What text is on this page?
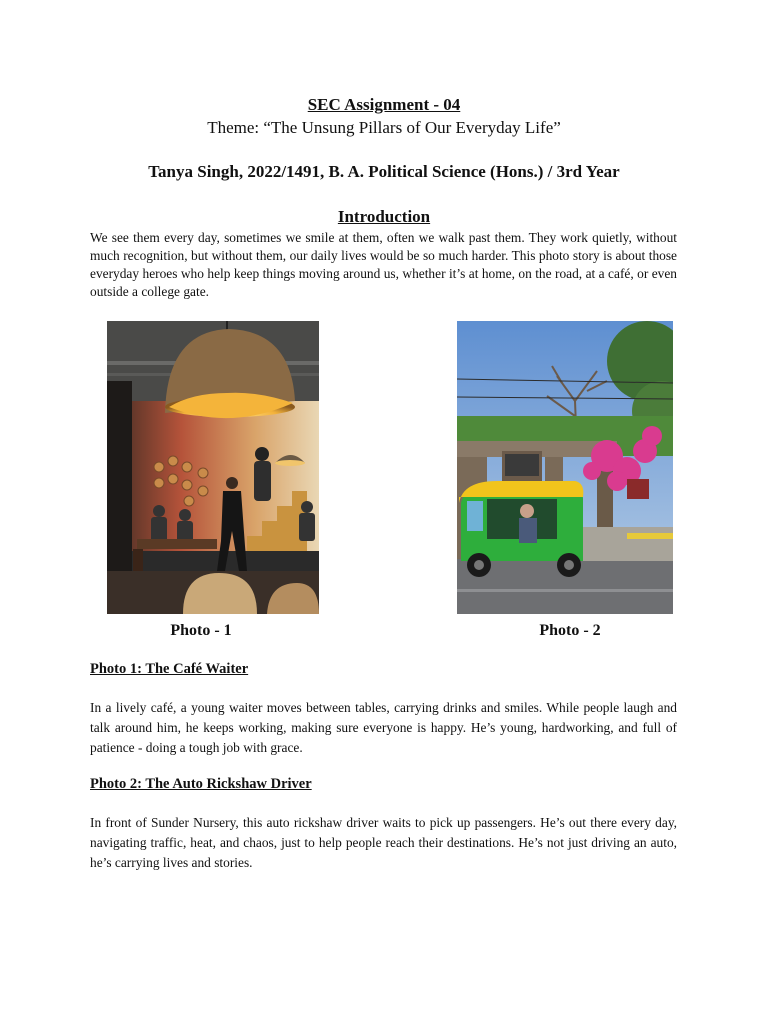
SEC Assignment - 04
Theme: “The Unsung Pillars of Our Everyday Life”
Tanya Singh, 2022/1491, B. A. Political Science (Hons.) / 3rd Year
Introduction
We see them every day, sometimes we smile at them, often we walk past them. They work quietly, without much recognition, but without them, our daily lives would be so much harder. This photo story is about those everyday heroes who help keep things moving around us, whether it’s at home, on the road, at a café, or even outside a college gate.
Photo - 1	Photo - 2
Photo 1: The Café Waiter
In a lively café, a young waiter moves between tables, carrying drinks and smiles. While people laugh and talk around him, he keeps working, making sure everyone is happy. He’s young, hardworking, and full of patience - doing a tough job with grace.
Photo 2: The Auto Rickshaw Driver
In front of Sunder Nursery, this auto rickshaw driver waits to pick up passengers. He’s out there every day, navigating traffic, heat, and chaos, just to help people reach their destinations. He’s not just driving an auto, he’s carrying lives and stories.
